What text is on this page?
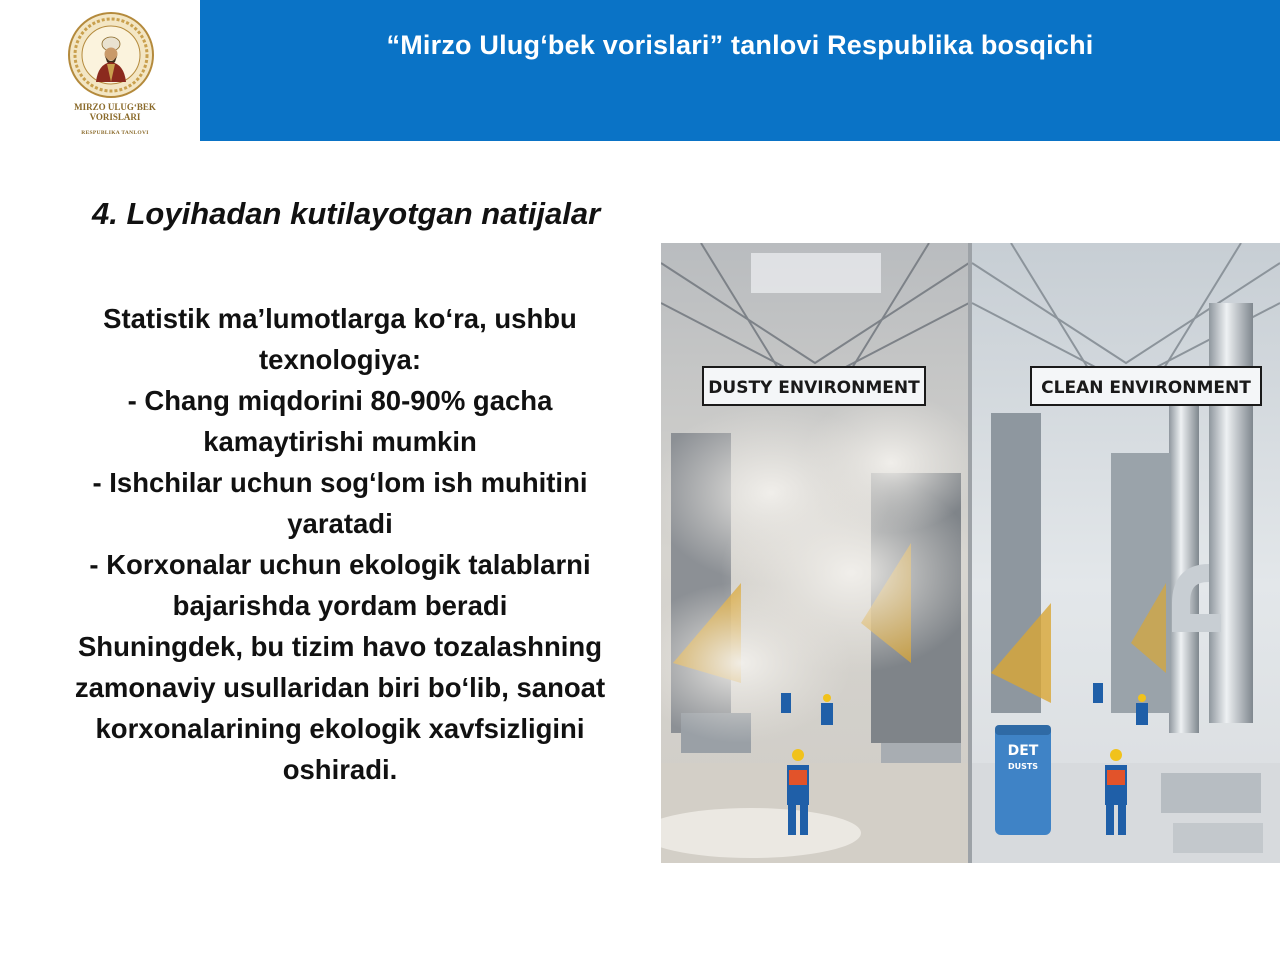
“Mirzo Ulug‘bek vorislari” tanlovi Respublika bosqichi
MIRZO ULUG‘BEK
VORISLARI
RESPUBLIKA TANLOVI
4. Loyihadan kutilayotgan natijalar
Statistik ma’lumotlarga ko‘ra, ushbu
texnologiya:
- Chang miqdorini 80-90% gacha
kamaytirishi mumkin
- Ishchilar uchun sog‘lom ish muhitini
yaratadi
- Korxonalar uchun ekologik talablarni
bajarishda yordam beradi
Shuningdek, bu tizim havo tozalashning
zamonaviy usullaridan biri bo‘lib, sanoat
korxonalarining ekologik xavfsizligini
oshiradi.
DET
DUSTS
DUSTY ENVIRONMENT	CLEAN ENVIRONMENT
